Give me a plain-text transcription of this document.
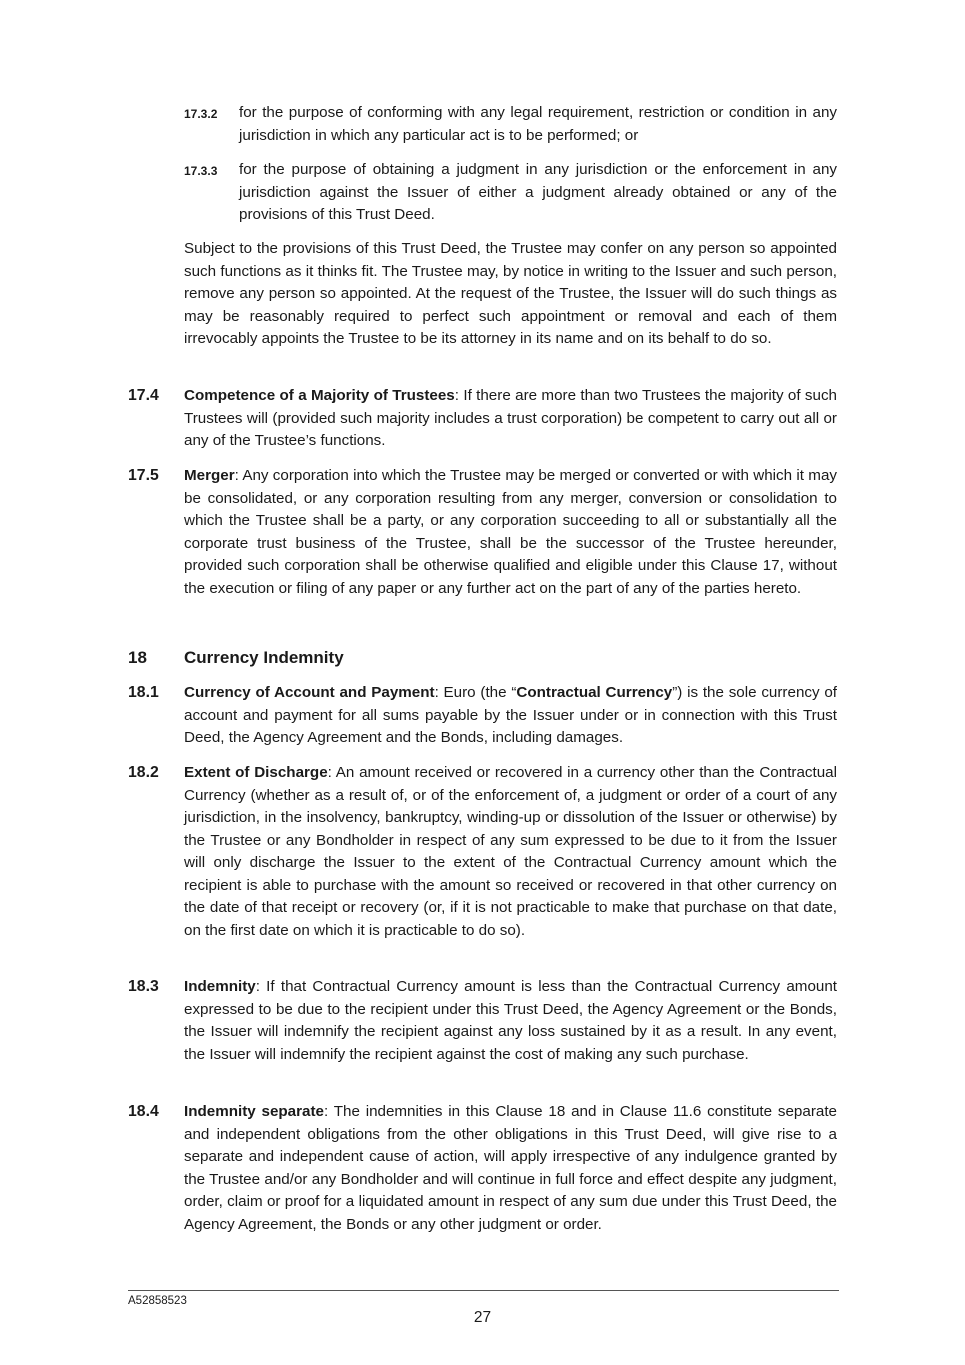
17.3.2 for the purpose of conforming with any legal requirement, restriction or condition in any jurisdiction in which any particular act is to be performed; or

17.3.3 for the purpose of obtaining a judgment in any jurisdiction or the enforcement in any jurisdiction against the Issuer of either a judgment already obtained or any of the provisions of this Trust Deed.

Subject to the provisions of this Trust Deed, the Trustee may confer on any person so appointed such functions as it thinks fit. The Trustee may, by notice in writing to the Issuer and such person, remove any person so appointed. At the request of the Trustee, the Issuer will do such things as may be reasonably required to perfect such appointment or removal and each of them irrevocably appoints the Trustee to be its attorney in its name and on its behalf to do so.

17.4 Competence of a Majority of Trustees: If there are more than two Trustees the majority of such Trustees will (provided such majority includes a trust corporation) be competent to carry out all or any of the Trustee’s functions.

17.5 Merger: Any corporation into which the Trustee may be merged or converted or with which it may be consolidated, or any corporation resulting from any merger, conversion or consolidation to which the Trustee shall be a party, or any corporation succeeding to all or substantially all the corporate trust business of the Trustee, shall be the successor of the Trustee hereunder, provided such corporation shall be otherwise qualified and eligible under this Clause 17, without the execution or filing of any paper or any further act on the part of any of the parties hereto.

18 Currency Indemnity
18.1 Currency of Account and Payment: Euro (the “Contractual Currency”) is the sole currency of account and payment for all sums payable by the Issuer under or in connection with this Trust Deed, the Agency Agreement and the Bonds, including damages.

18.2 Extent of Discharge: An amount received or recovered in a currency other than the Contractual Currency (whether as a result of, or of the enforcement of, a judgment or order of a court of any jurisdiction, in the insolvency, bankruptcy, winding-up or dissolution of the Issuer or otherwise) by the Trustee or any Bondholder in respect of any sum expressed to be due to it from the Issuer will only discharge the Issuer to the extent of the Contractual Currency amount which the recipient is able to purchase with the amount so received or recovered in that other currency on the date of that receipt or recovery (or, if it is not practicable to make that purchase on that date, on the first date on which it is practicable to do so).

18.3 Indemnity: If that Contractual Currency amount is less than the Contractual Currency amount expressed to be due to the recipient under this Trust Deed, the Agency Agreement or the Bonds, the Issuer will indemnify the recipient against any loss sustained by it as a result. In any event, the Issuer will indemnify the recipient against the cost of making any such purchase.

18.4 Indemnity separate: The indemnities in this Clause 18 and in Clause 11.6 constitute separate and independent obligations from the other obligations in this Trust Deed, will give rise to a separate and independent cause of action, will apply irrespective of any indulgence granted by the Trustee and/or any Bondholder and will continue in full force and effect despite any judgment, order, claim or proof for a liquidated amount in respect of any sum due under this Trust Deed, the Agency Agreement, the Bonds or any other judgment or order.

A52858523
27
